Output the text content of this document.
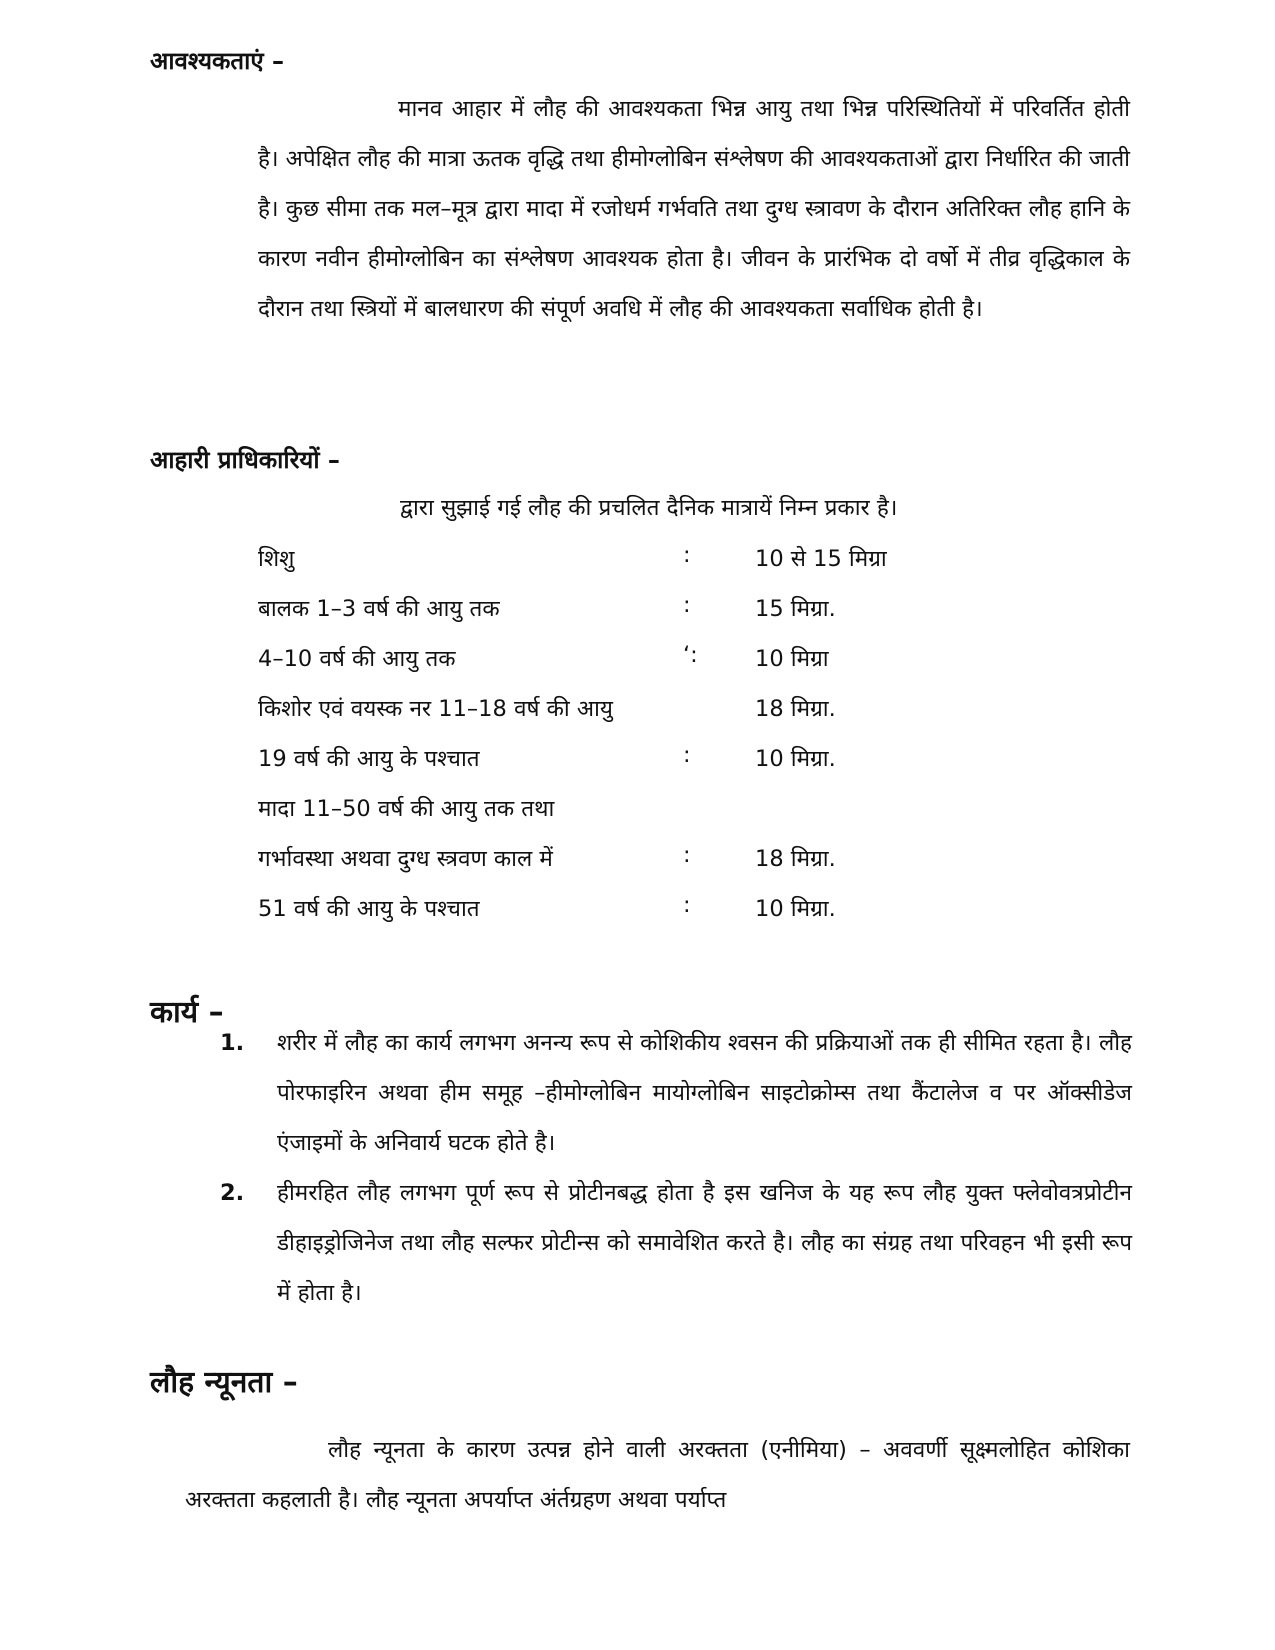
आवश्यकताएं –
मानव आहार में लौह की आवश्यकता भिन्न आयु तथा भिन्न परिस्थितियों में परिवर्तित होती है। अपेक्षित लौह की मात्रा ऊतक वृद्धि तथा हीमोग्लोबिन संश्लेषण की आवश्यकताओं द्वारा निर्धारित की जाती है। कुछ सीमा तक मल–मूत्र द्वारा मादा में रजोधर्म गर्भवति तथा दुग्ध स्त्रावण के दौरान अतिरिक्त लौह हानि के कारण नवीन हीमोग्लोबिन का संश्लेषण आवश्यक होता है। जीवन के प्रारंभिक दो वर्षो में तीव्र वृद्धिकाल के दौरान तथा स्त्रियों में बालधारण की संपूर्ण अवधि में लौह की आवश्यकता सर्वाधिक होती है।
आहारी प्राधिकारियों –
द्वारा सुझाई गई लौह की प्रचलित दैनिक मात्रायें निम्न प्रकार है।
शिशु	:	10 से 15 मिग्रा
बालक 1–3 वर्ष की आयु तक	:	15 मिग्रा.
4–10 वर्ष की आयु तक	‘:	10 मिग्रा
किशोर एवं वयस्क नर 11–18 वर्ष की आयु	18 मिग्रा.
19 वर्ष की आयु के पश्चात	:	10 मिग्रा.
मादा 11–50 वर्ष की आयु तक तथा
गर्भावस्था अथवा दुग्ध स्त्रवण काल में	:	18 मिग्रा.
51 वर्ष की आयु के पश्चात	:	10 मिग्रा.
कार्य –
1. शरीर में लौह का कार्य लगभग अनन्य रूप से कोशिकीय श्वसन की प्रक्रियाओं तक ही सीमित रहता है। लौह पोरफाइरिन अथवा हीम समूह –हीमोग्लोबिन मायोग्लोबिन साइटोक्रोम्स तथा कैंटालेज व पर ऑक्सीडेज एंजाइमों के अनिवार्य घटक होते है।
2. हीमरहित लौह लगभग पूर्ण रूप से प्रोटीनबद्ध होता है इस खनिज के यह रूप लौह युक्त फ्लेवोवत्रप्रोटीन डीहाइड्रोजिनेज तथा लौह सल्फर प्रोटीन्स को समावेशित करते है। लौह का संग्रह तथा परिवहन भी इसी रूप में होता है।
लौह न्यूनता –
लौह न्यूनता के कारण उत्पन्न होने वाली अरक्तता (एनीमिया) – अववर्णी सूक्ष्मलोहित कोशिका अरक्तता कहलाती है। लौह न्यूनता अपर्याप्त अंर्तग्रहण अथवा पर्याप्त
